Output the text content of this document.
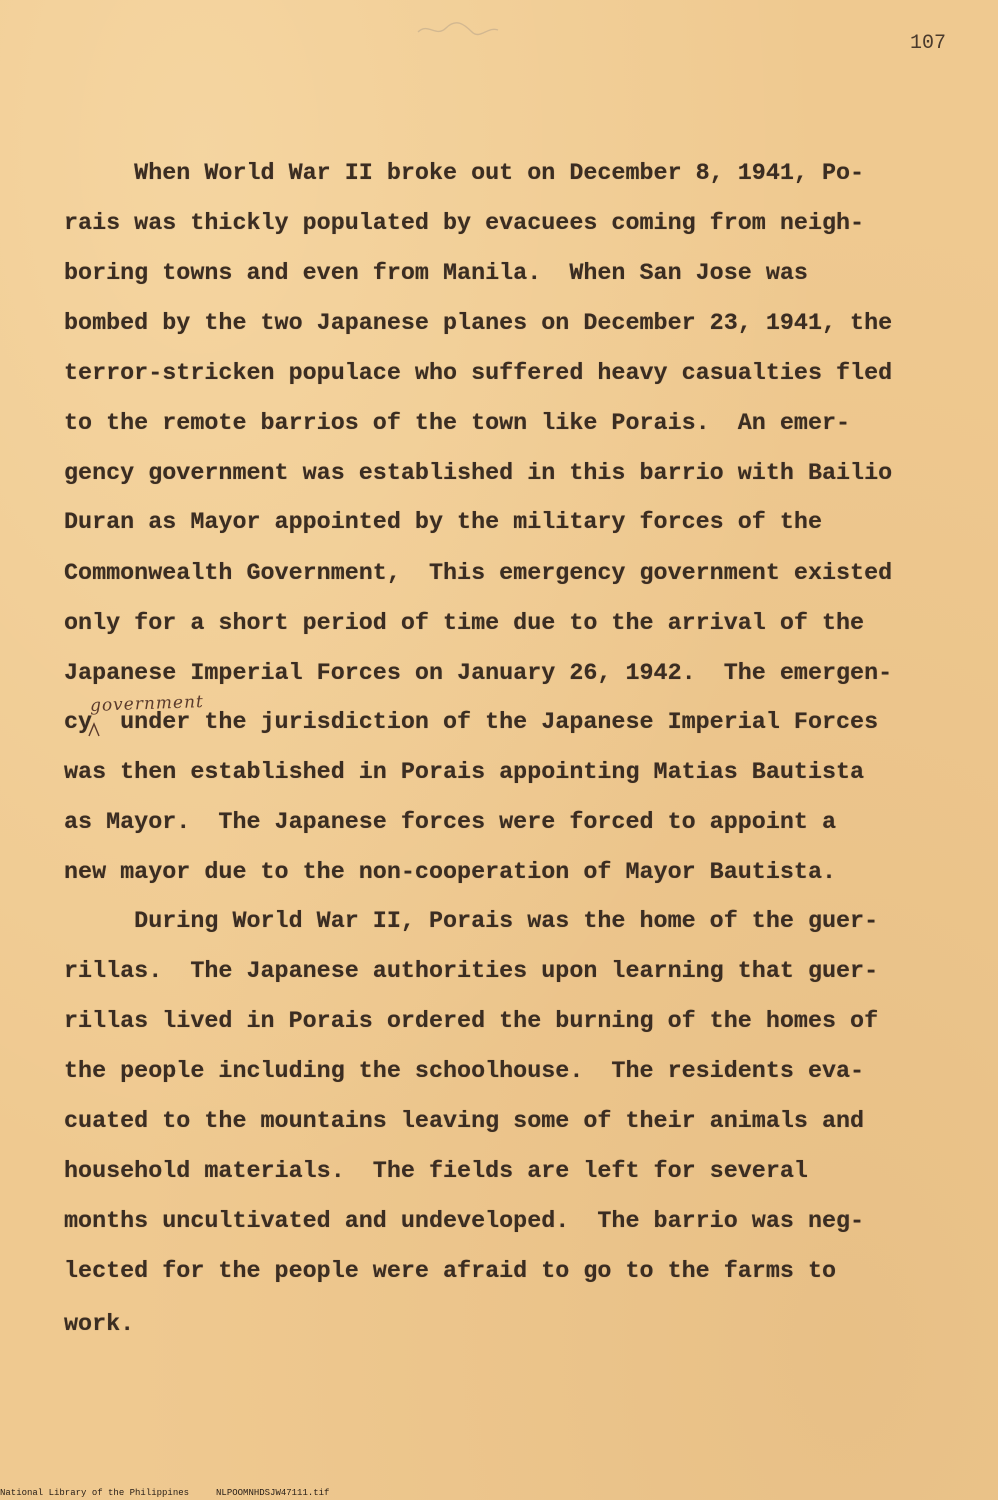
107
When World War II broke out on December 8, 1941, Po-
rais was thickly populated by evacuees coming from neigh-
boring towns and even from Manila.  When San Jose was
bombed by the two Japanese planes on December 23, 1941, the
terror-stricken populace who suffered heavy casualties fled
to the remote barrios of the town like Porais.  An emer-
gency government was established in this barrio with Bailio
Duran as Mayor appointed by the military forces of the
Commonwealth Government,  This emergency government existed
only for a short period of time due to the arrival of the
Japanese Imperial Forces on January 26, 1942.  The emergen-
government
cy  under the jurisdiction of the Japanese Imperial Forces
was then established in Porais appointing Matias Bautista
as Mayor.  The Japanese forces were forced to appoint a
new mayor due to the non-cooperation of Mayor Bautista.
During World War II, Porais was the home of the guer-
rillas.  The Japanese authorities upon learning that guer-
rillas lived in Porais ordered the burning of the homes of
the people including the schoolhouse.  The residents eva-
cuated to the mountains leaving some of their animals and
household materials.  The fields are left for several
months uncultivated and undeveloped.  The barrio was neg-
lected for the people were afraid to go to the farms to
work.
National Library of the Philippines     NLPOOMNHDSJW47111.tif
